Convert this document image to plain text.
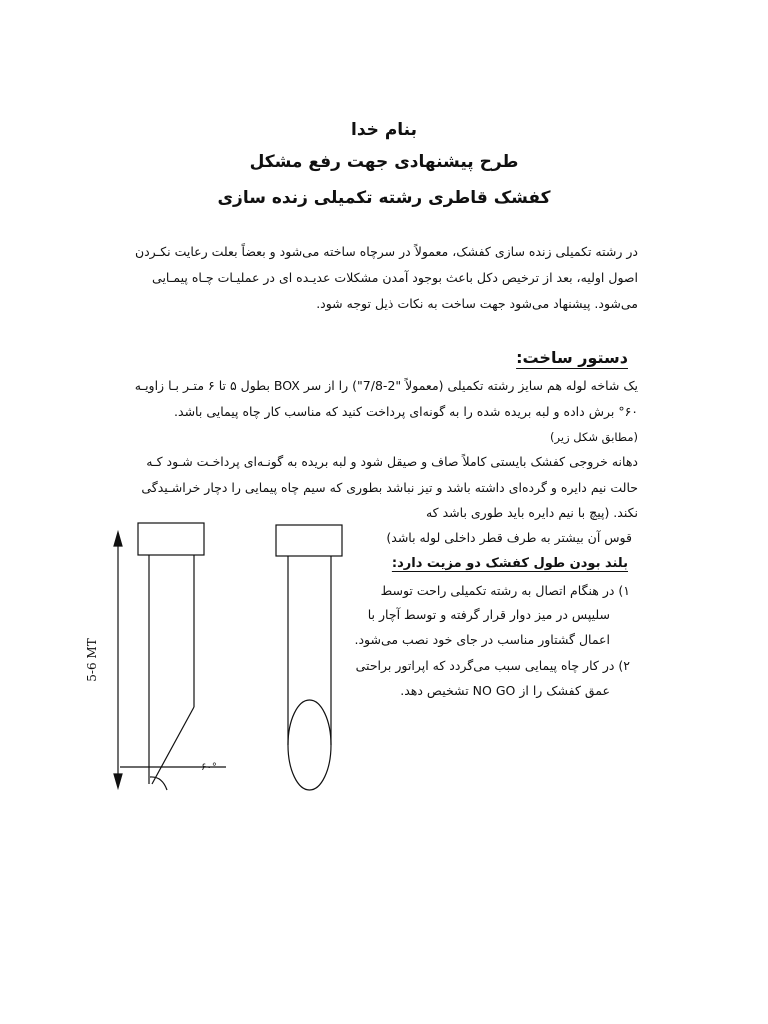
بنام خدا
طرح پیشنهادی جهت رفع مشکل
کفشک قاطری رشته تکمیلی زنده سازی
در رشته تکمیلی زنده سازی کفشک، معمولاً در سرچاه ساخته می‌شود و بعضاً بعلت رعایت نکـردن
اصول اولیه، بعد از ترخیص دکل باعث بوجود آمدن مشکلات عدیـده ای در عملیـات چـاه پیمـایی
می‌شود. پیشنهاد می‌شود جهت ساخت به نکات ذیل توجه شود.
دستور ساخت:
یک شاخه لوله هم سایز رشته تکمیلی (معمولاً "2-7/8") را از سر BOX بطول ۵ تا ۶ متـر بـا زاویـه
°۶۰ برش داده و لبه بریده شده را به گونه‌ای پرداخت کنید که مناسب کار چاه پیمایی باشد.
(مطابق شکل زیر)
دهانه خروجی کفشک بایستی کاملاً صاف و صیقل شود و لبه بریده به گونـه‌ای پرداخـت شـود کـه
حالت نیم دایره و گرده‌ای داشته باشد و تیز نباشد بطوری که سیم چاه پیمایی را دچار خراشـیدگی
نکند. (پیچ با نیم دایره باید طوری باشد که
قوس آن بیشتر به طرف قطر داخلی لوله باشد)
بلند بودن طول کفشک دو مزیت دارد:
۱) در هنگام اتصال به رشته تکمیلی راحت توسط
سلیپس در میز دوار قرار گرفته و توسط آچار با
اعمال گشتاور مناسب در جای خود نصب می‌شود.
۲) در کار چاه پیمایی سبب می‌گردد که اپراتور براحتی
عمق کفشک را از NO GO تشخیص دهد.
5-6 MT
۶۰°
